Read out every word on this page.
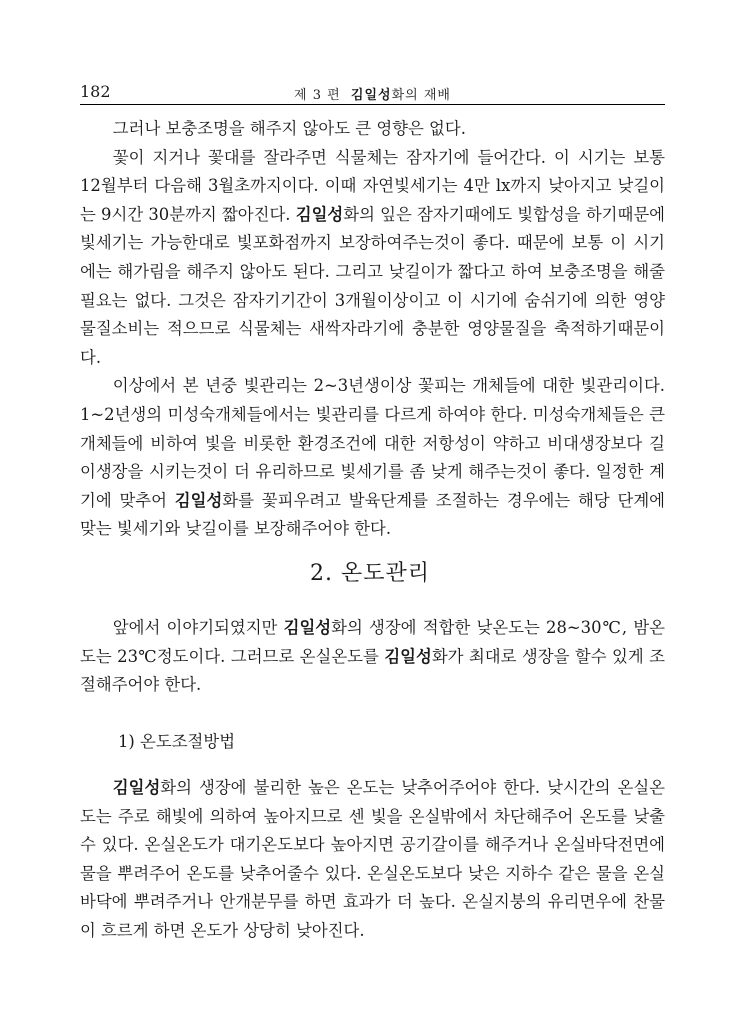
182	제 3 편 김일성화의 재배

그러나 보충조명을 해주지 않아도 큰 영향은 없다.

꽃이 지거나 꽃대를 잘라주면 식물체는 잠자기에 들어간다. 이 시기는 보통 12월부터 다음해 3월초까지이다. 이때 자연빛세기는 4만 lx까지 낮아지고 낮길이는 9시간 30분까지 짧아진다. 김일성화의 잎은 잠자기때에도 빛합성을 하기때문에 빛세기는 가능한대로 빛포화점까지 보장하여주는것이 좋다. 때문에 보통 이 시기에는 해가림을 해주지 않아도 된다. 그리고 낮길이가 짧다고 하여 보충조명을 해줄 필요는 없다. 그것은 잠자기기간이 3개월이상이고 이 시기에 숨쉬기에 의한 영양물질소비는 적으므로 식물체는 새싹자라기에 충분한 영양물질을 축적하기때문이다.

이상에서 본 년중 빛관리는 2~3년생이상 꽃피는 개체들에 대한 빛관리이다. 1~2년생의 미성숙개체들에서는 빛관리를 다르게 하여야 한다. 미성숙개체들은 큰 개체들에 비하여 빛을 비롯한 환경조건에 대한 저항성이 약하고 비대생장보다 길이생장을 시키는것이 더 유리하므로 빛세기를 좀 낮게 해주는것이 좋다. 일정한 계기에 맞추어 김일성화를 꽃피우려고 발육단계를 조절하는 경우에는 해당 단계에 맞는 빛세기와 낮길이를 보장해주어야 한다.

2. 온도관리

앞에서 이야기되였지만 김일성화의 생장에 적합한 낮온도는 28~30℃, 밤온도는 23℃정도이다. 그러므로 온실온도를 김일성화가 최대로 생장을 할수 있게 조절해주어야 한다.

1) 온도조절방법

김일성화의 생장에 불리한 높은 온도는 낮추어주어야 한다. 낮시간의 온실온도는 주로 해빛에 의하여 높아지므로 센 빛을 온실밖에서 차단해주어 온도를 낮출수 있다. 온실온도가 대기온도보다 높아지면 공기갈이를 해주거나 온실바닥전면에 물을 뿌려주어 온도를 낮추어줄수 있다. 온실온도보다 낮은 지하수 같은 물을 온실바닥에 뿌려주거나 안개분무를 하면 효과가 더 높다. 온실지붕의 유리면우에 찬물이 흐르게 하면 온도가 상당히 낮아진다.
